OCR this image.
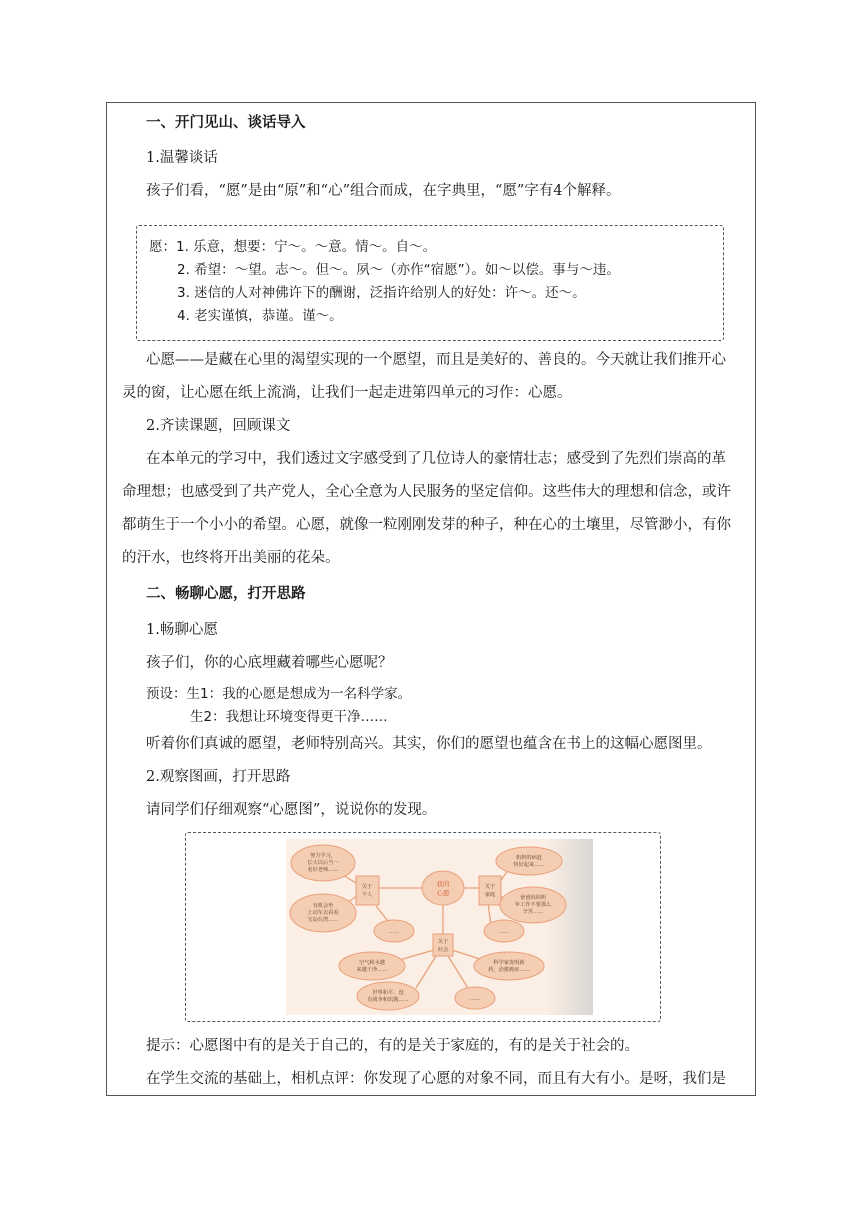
一、开门见山、谈话导入
1.温馨谈话
孩子们看，“愿”是由“原”和“心”组合而成，在字典里，“愿”字有4个解释。
愿：1. 乐意，想要：宁～。～意。情～。自～。
2. 希望：～望。志～。但～。夙～（亦作“宿愿”）。如～以偿。事与～违。
3. 迷信的人对神佛许下的酬谢，泛指许给别人的好处：许～。还～。
4. 老实谨慎，恭谨。谨～。
心愿——是藏在心里的渴望实现的一个愿望，而且是美好的、善良的。今天就让我们推开心
灵的窗，让心愿在纸上流淌，让我们一起走进第四单元的习作：心愿。
2.齐读课题，回顾课文
在本单元的学习中，我们透过文字感受到了几位诗人的豪情壮志；感受到了先烈们崇高的革
命理想；也感受到了共产党人，全心全意为人民服务的坚定信仰。这些伟大的理想和信念，或许
都萌生于一个小小的希望。心愿，就像一粒刚刚发芽的种子，种在心的土壤里，尽管渺小，有你
的汗水，也终将开出美丽的花朵。
二、畅聊心愿，打开思路
1.畅聊心愿
孩子们，你的心底埋藏着哪些心愿呢？
预设：生1：我的心愿是想成为一名科学家。
生2：我想让环境变得更干净……
听着你们真诚的愿望，老师特别高兴。其实，你们的愿望也蕴含在书上的这幅心愿图里。
2.观察图画，打开思路
请同学们仔细观察“心愿图”，说说你的发现。
我的
心愿
关于
个人
关于
家庭
关于
社会
努力学习，
长大以后当一
名好老师……
有机会坐
上动车去看看
宝岛台湾……
……
奶奶的病赶
快好起来……
爸爸妈妈明
年工作不要那么
辛苦……
……
空气和水越
来越干净……
科学家发明新
药，治愈癌症……
世界和平，没
有战争和饥饿……	……
提示：心愿图中有的是关于自己的，有的是关于家庭的，有的是关于社会的。
在学生交流的基础上，相机点评：你发现了心愿的对象不同，而且有大有小。是呀，我们是
